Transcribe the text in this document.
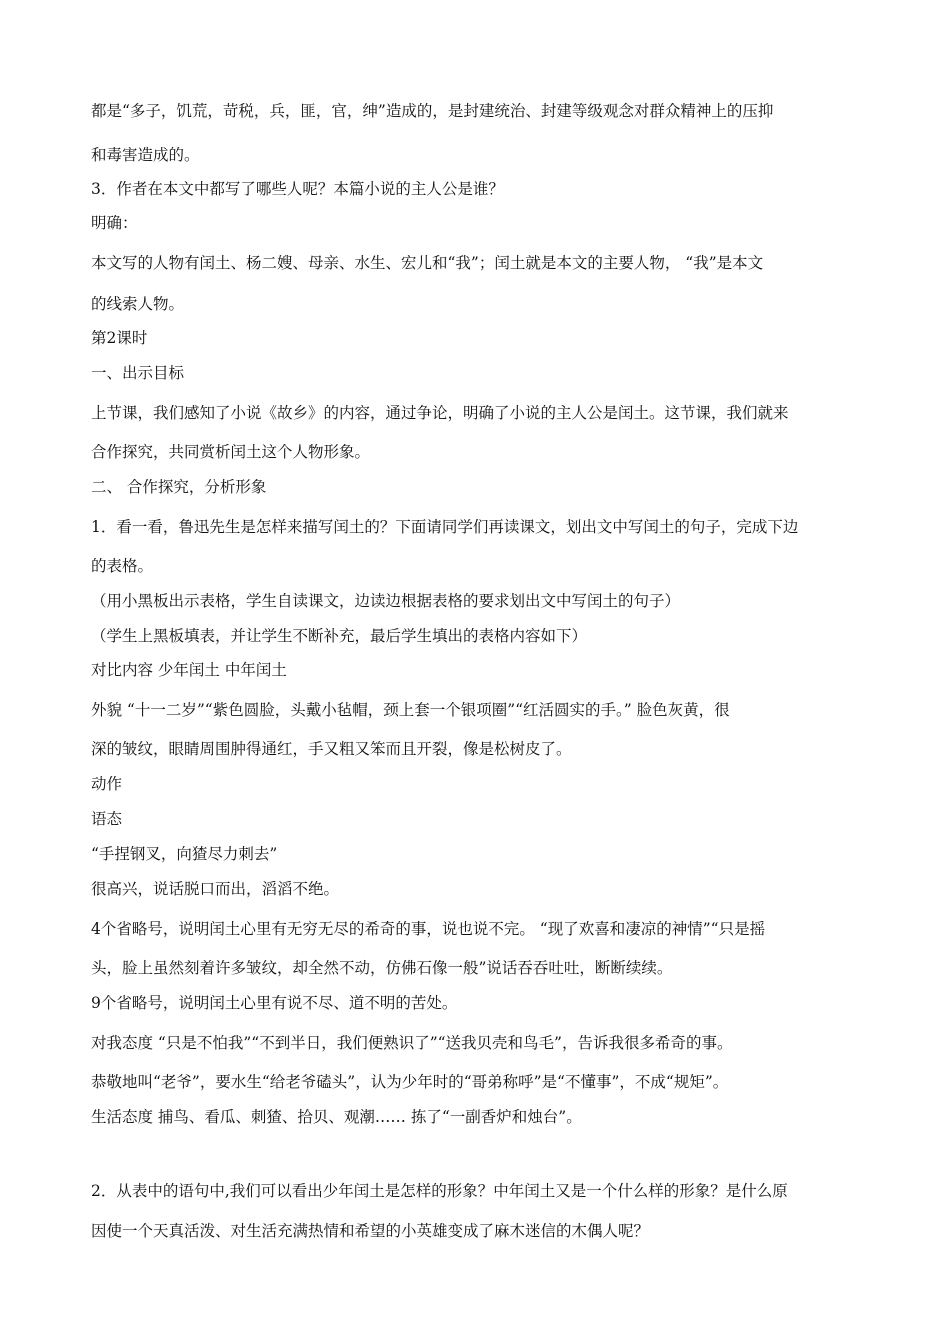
都是“多子，饥荒，苛税，兵，匪，官，绅”造成的，是封建统治、封建等级观念对群众精神上的压抑
和毒害造成的。
3．作者在本文中都写了哪些人呢？本篇小说的主人公是谁？
明确：
本文写的人物有闰土、杨二嫂、母亲、水生、宏儿和“我”；闰土就是本文的主要人物， “我”是本文
的线索人物。
第2课时
一、出示目标
上节课，我们感知了小说《故乡》的内容，通过争论，明确了小说的主人公是闰土。这节课，我们就来
合作探究，共同赏析闰土这个人物形象。
二、 合作探究，分析形象
1．看一看，鲁迅先生是怎样来描写闰土的？下面请同学们再读课文，划出文中写闰土的句子，完成下边
的表格。
（用小黑板出示表格，学生自读课文，边读边根据表格的要求划出文中写闰土的句子）
（学生上黑板填表，并让学生不断补充，最后学生填出的表格内容如下）
对比内容 少年闰土 中年闰土
外貌 “十一二岁”“紫色圆脸，头戴小毡帽，颈上套一个银项圈”“红活圆实的手。” 脸色灰黄，很
深的皱纹，眼睛周围肿得通红，手又粗又笨而且开裂，像是松树皮了。
动作
语态
“手捏钢叉，向猹尽力刺去”
很高兴，说话脱口而出，滔滔不绝。
4个省略号，说明闰土心里有无穷无尽的希奇的事，说也说不完。 “现了欢喜和凄凉的神情”“只是摇
头，脸上虽然刻着许多皱纹，却全然不动，仿佛石像一般”说话吞吞吐吐，断断续续。
9个省略号，说明闰土心里有说不尽、道不明的苦处。
对我态度 “只是不怕我”“不到半日，我们便熟识了”“送我贝壳和鸟毛”，告诉我很多希奇的事。
恭敬地叫“老爷”，要水生“给老爷磕头”，认为少年时的“哥弟称呼”是“不懂事”，不成“规矩”。
生活态度 捕鸟、看瓜、刺猹、拾贝、观潮…… 拣了“一副香炉和烛台”。
2．从表中的语句中,我们可以看出少年闰土是怎样的形象？中年闰土又是一个什么样的形象？是什么原
因使一个天真活泼、对生活充满热情和希望的小英雄变成了麻木迷信的木偶人呢？
